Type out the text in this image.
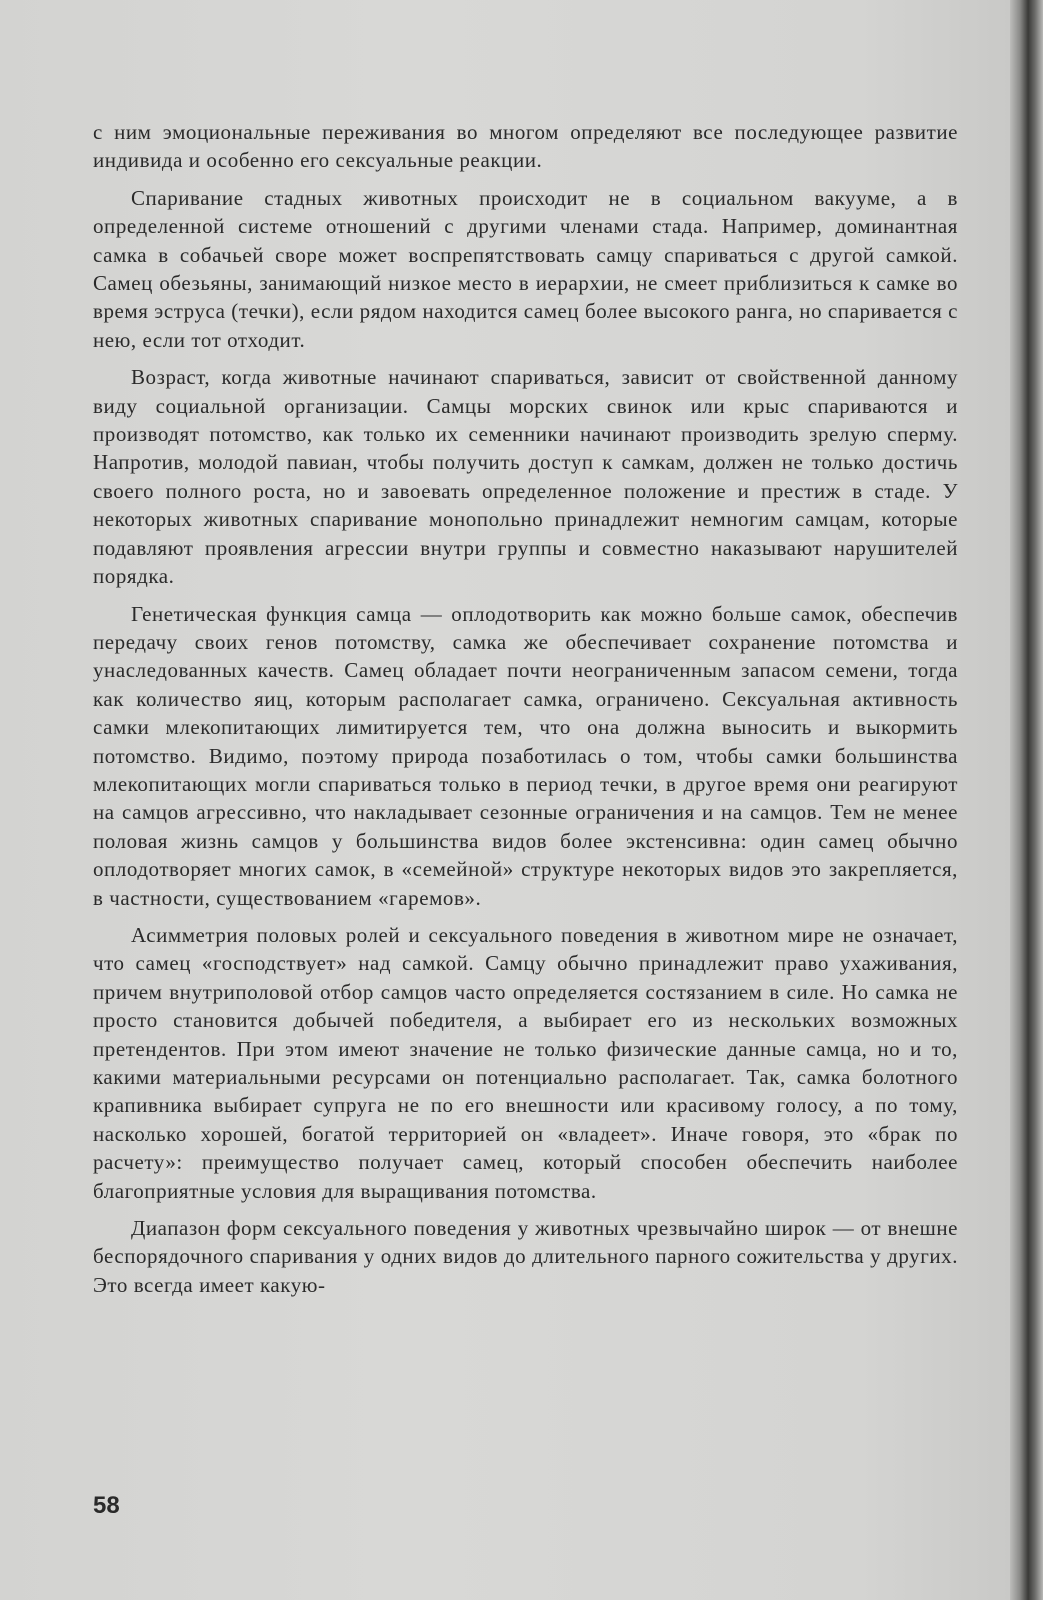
с ним эмоциональные переживания во многом определяют все последующее развитие индивида и особенно его сексуальные реакции.

Спаривание стадных животных происходит не в социальном вакууме, а в определенной системе отношений с другими членами стада. Например, доминантная самка в собачьей своре может воспрепятствовать самцу спариваться с другой самкой. Самец обезьяны, занимающий низкое место в иерархии, не смеет приблизиться к самке во время эструса (течки), если рядом находится самец более высокого ранга, но спаривается с нею, если тот отходит.

Возраст, когда животные начинают спариваться, зависит от свойственной данному виду социальной организации. Самцы морских свинок или крыс спариваются и производят потомство, как только их семенники начинают производить зрелую сперму. Напротив, молодой павиан, чтобы получить доступ к самкам, должен не только достичь своего полного роста, но и завоевать определенное положение и престиж в стаде. У некоторых животных спаривание монопольно принадлежит немногим самцам, которые подавляют проявления агрессии внутри группы и совместно наказывают нарушителей порядка.

Генетическая функция самца — оплодотворить как можно больше самок, обеспечив передачу своих генов потомству, самка же обеспечивает сохранение потомства и унаследованных качеств. Самец обладает почти неограниченным запасом семени, тогда как количество яиц, которым располагает самка, ограничено. Сексуальная активность самки млекопитающих лимитируется тем, что она должна выносить и выкормить потомство. Видимо, поэтому природа позаботилась о том, чтобы самки большинства млекопитающих могли спариваться только в период течки, в другое время они реагируют на самцов агрессивно, что накладывает сезонные ограничения и на самцов. Тем не менее половая жизнь самцов у большинства видов более экстенсивна: один самец обычно оплодотворяет многих самок, в «семейной» структуре некоторых видов это закрепляется, в частности, существованием «гаремов».

Асимметрия половых ролей и сексуального поведения в животном мире не означает, что самец «господствует» над самкой. Самцу обычно принадлежит право ухаживания, причем внутриполовой отбор самцов часто определяется состязанием в силе. Но самка не просто становится добычей победителя, а выбирает его из нескольких возможных претендентов. При этом имеют значение не только физические данные самца, но и то, какими материальными ресурсами он потенциально располагает. Так, самка болотного крапивника выбирает супруга не по его внешности или красивому голосу, а по тому, насколько хорошей, богатой территорией он «владеет». Иначе говоря, это «брак по расчету»: преимущество получает самец, который способен обеспечить наиболее благоприятные условия для выращивания потомства.

Диапазон форм сексуального поведения у животных чрезвычайно широк — от внешне беспорядочного спаривания у одних видов до длительного парного сожительства у других. Это всегда имеет какую-

58
